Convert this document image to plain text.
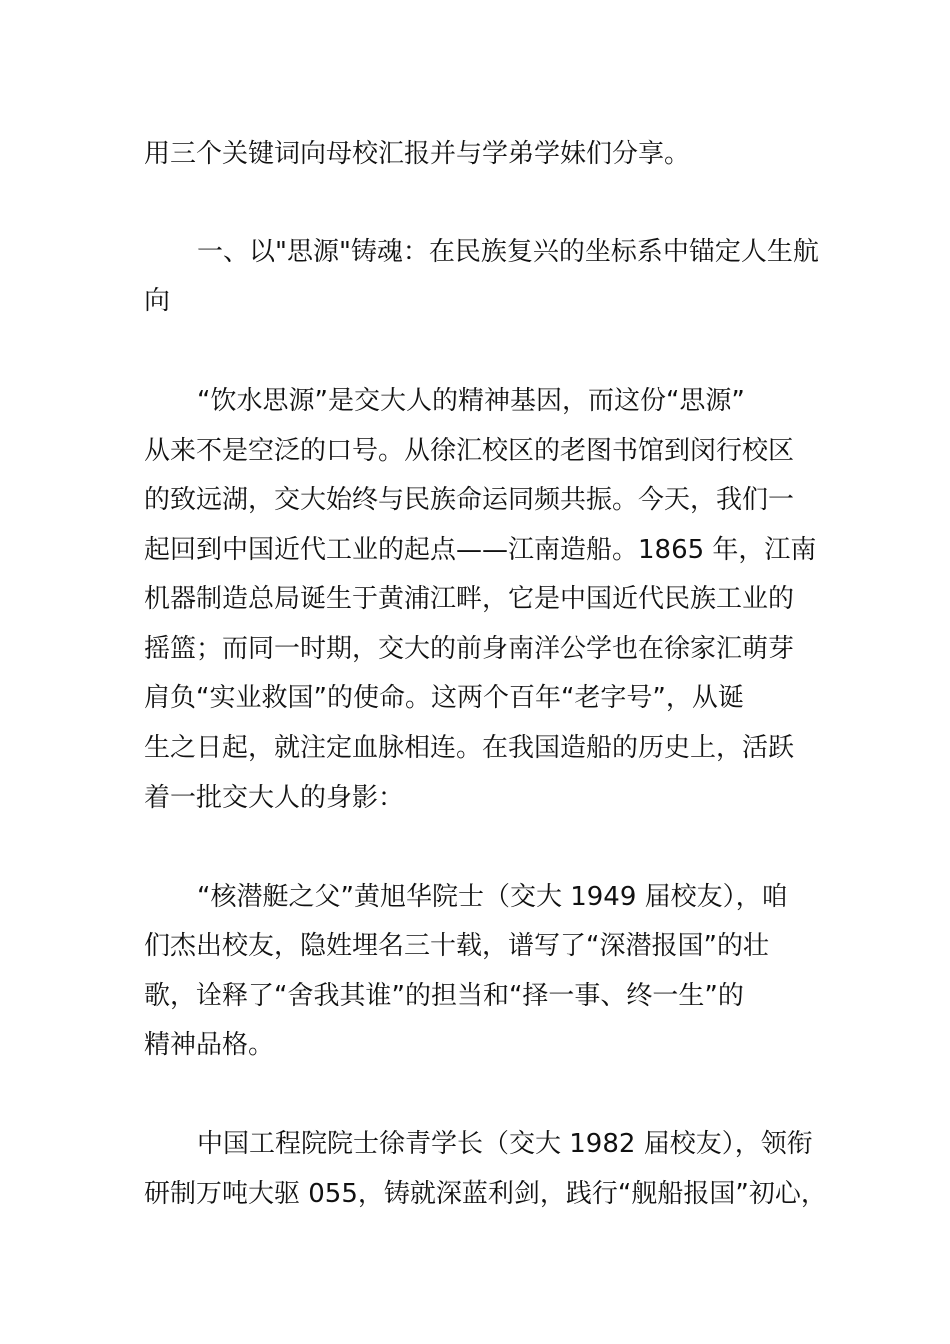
用三个关键词向母校汇报并与学弟学妹们分享。
一、以"思源"铸魂：在民族复兴的坐标系中锚定人生航
向
“饮水思源”是交大人的精神基因，而这份“思源”
从来不是空泛的口号。从徐汇校区的老图书馆到闵行校区
的致远湖，交大始终与民族命运同频共振。今天，我们一
起回到中国近代工业的起点——江南造船。1865 年，江南
机器制造总局诞生于黄浦江畔，它是中国近代民族工业的
摇篮；而同一时期，交大的前身南洋公学也在徐家汇萌芽
肩负“实业救国”的使命。这两个百年“老字号”，从诞
生之日起，就注定血脉相连。在我国造船的历史上，活跃
着一批交大人的身影：
“核潜艇之父”黄旭华院士（交大 1949 届校友），咱
们杰出校友，隐姓埋名三十载，谱写了“深潜报国”的壮
歌，诠释了“舍我其谁”的担当和“择一事、终一生”的
精神品格。
中国工程院院士徐青学长（交大 1982 届校友），领衔
研制万吨大驱 055，铸就深蓝利剑，践行“舰船报国”初心，
